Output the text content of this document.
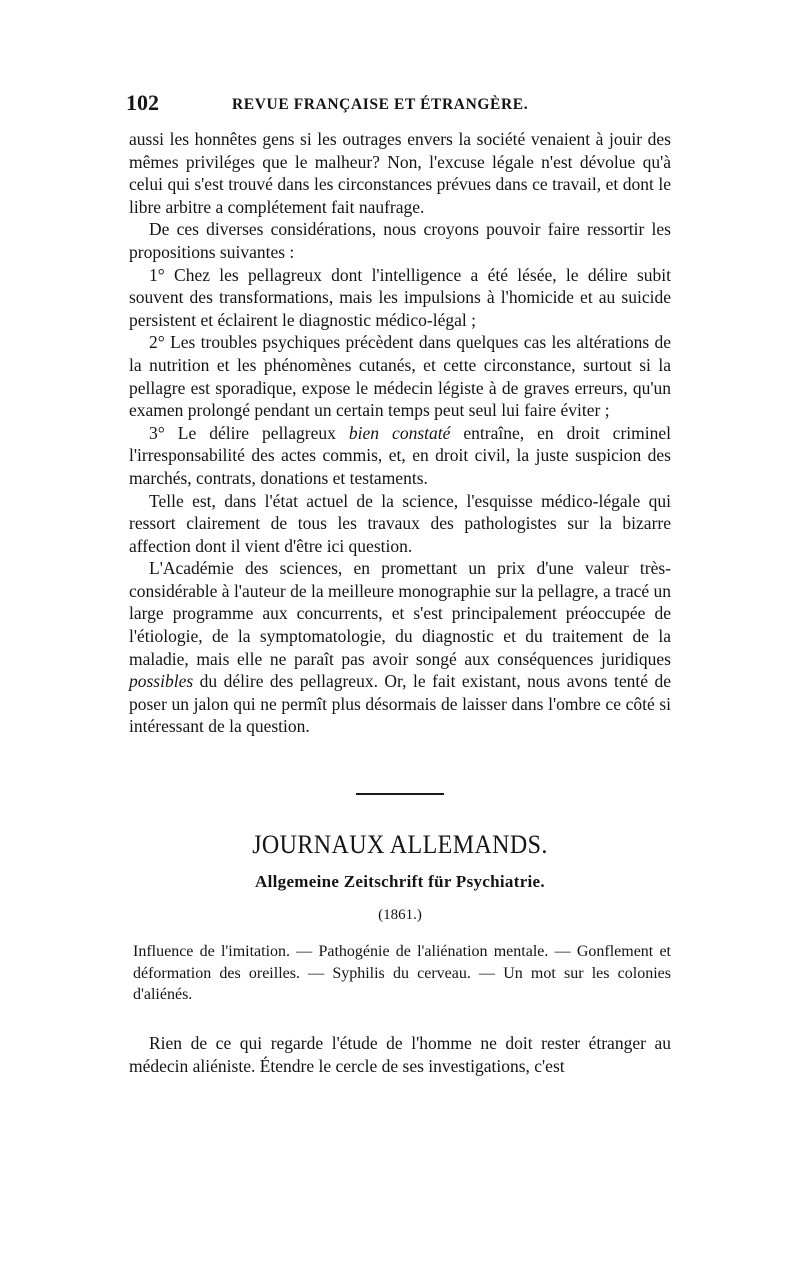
102	REVUE FRANÇAISE ET ÉTRANGÈRE.

aussi les honnêtes gens si les outrages envers la société venaient à jouir des mêmes priviléges que le malheur? Non, l'excuse légale n'est dévolue qu'à celui qui s'est trouvé dans les circonstances prévues dans ce travail, et dont le libre arbitre a complétement fait naufrage.

De ces diverses considérations, nous croyons pouvoir faire ressortir les propositions suivantes :

1° Chez les pellagreux dont l'intelligence a été lésée, le délire subit souvent des transformations, mais les impulsions à l'homicide et au suicide persistent et éclairent le diagnostic médico-légal ;

2° Les troubles psychiques précèdent dans quelques cas les altérations de la nutrition et les phénomènes cutanés, et cette circonstance, surtout si la pellagre est sporadique, expose le médecin légiste à de graves erreurs, qu'un examen prolongé pendant un certain temps peut seul lui faire éviter ;

3° Le délire pellagreux bien constaté entraîne, en droit criminel l'irresponsabilité des actes commis, et, en droit civil, la juste suspicion des marchés, contrats, donations et testaments.

Telle est, dans l'état actuel de la science, l'esquisse médico-légale qui ressort clairement de tous les travaux des pathologistes sur la bizarre affection dont il vient d'être ici question.

L'Académie des sciences, en promettant un prix d'une valeur très-considérable à l'auteur de la meilleure monographie sur la pellagre, a tracé un large programme aux concurrents, et s'est principalement préoccupée de l'étiologie, de la symptomatologie, du diagnostic et du traitement de la maladie, mais elle ne paraît pas avoir songé aux conséquences juridiques possibles du délire des pellagreux. Or, le fait existant, nous avons tenté de poser un jalon qui ne permît plus désormais de laisser dans l'ombre ce côté si intéressant de la question.

JOURNAUX ALLEMANDS.
Allgemeine Zeitschrift für Psychiatrie.
(1861.)
Influence de l'imitation. — Pathogénie de l'aliénation mentale. — Gonflement et déformation des oreilles. — Syphilis du cerveau. — Un mot sur les colonies d'aliénés.

Rien de ce qui regarde l'étude de l'homme ne doit rester étranger au médecin aliéniste. Étendre le cercle de ses investigations, c'est
